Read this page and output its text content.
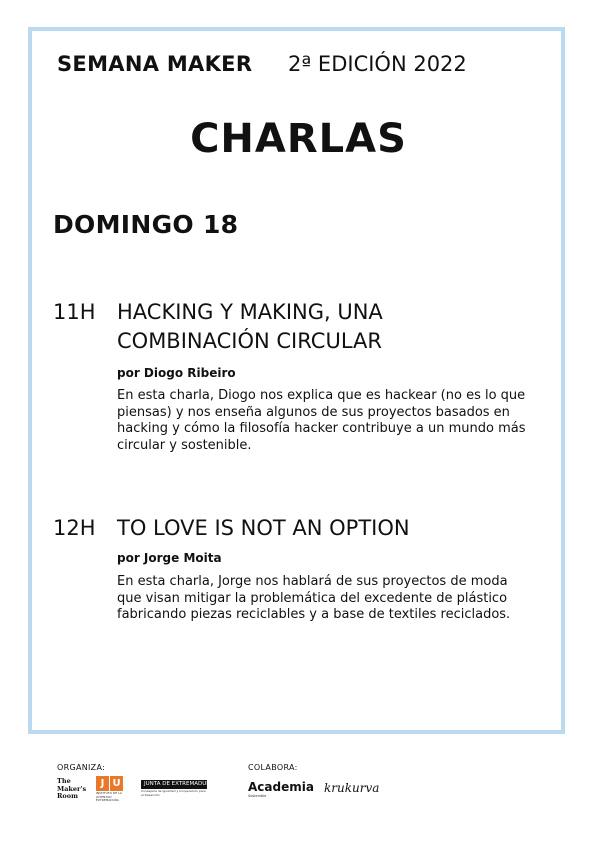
SEMANA MAKER 2ª EDICIÓN 2022
CHARLAS
DOMINGO 18
11H HACKING Y MAKING, UNA COMBINACIÓN CIRCULAR
por Diogo Ribeiro
En esta charla, Diogo nos explica que es hackear (no es lo que piensas) y nos enseña algunos de sus proyectos basados en hacking y cómo la filosofía hacker contribuye a un mundo más circular y sostenible.
12H TO LOVE IS NOT AN OPTION
por Jorge Moita
En esta charla, Jorge nos hablará de sus proyectos de moda que visan mitigar la problemática del excedente de plástico fabricando piezas reciclables y a base de textiles reciclados.
ORGANIZA:	COLABORA:
The Maker's Room
J U
INSTITUTO DE LA JUVENTUD EXTREMADURA
JUNTA DE EXTREMADURA
Consejería de Igualdad y Cooperación para el Desarrollo
Academia
Sostenible
krukurva
